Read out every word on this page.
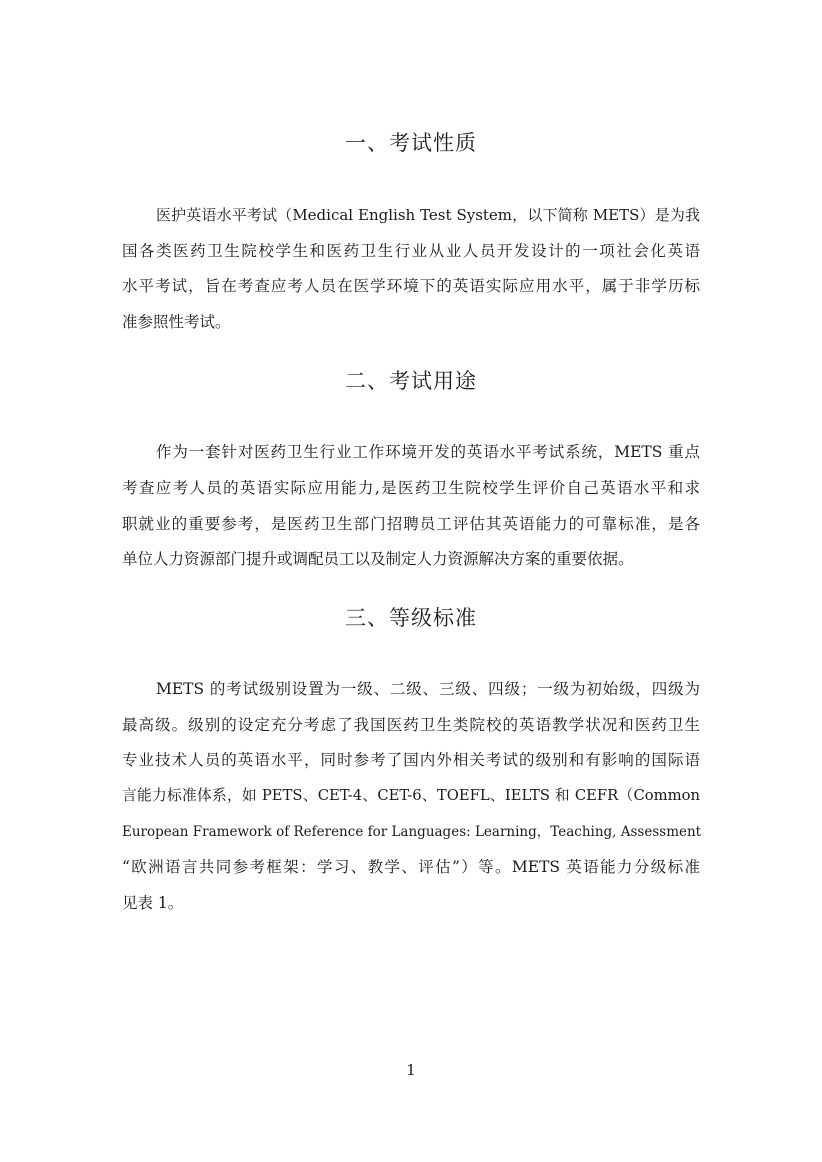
一、考试性质

医护英语水平考试（Medical English Test System，以下简称 METS）是为我

国各类医药卫生院校学生和医药卫生行业从业人员开发设计的一项社会化英语

水平考试，旨在考查应考人员在医学环境下的英语实际应用水平，属于非学历标

准参照性考试。

二、考试用途

作为一套针对医药卫生行业工作环境开发的英语水平考试系统，METS 重点

考查应考人员的英语实际应用能力,是医药卫生院校学生评价自己英语水平和求

职就业的重要参考，是医药卫生部门招聘员工评估其英语能力的可靠标准，是各

单位人力资源部门提升或调配员工以及制定人力资源解决方案的重要依据。

三、等级标准

METS 的考试级别设置为一级、二级、三级、四级；一级为初始级，四级为

最高级。级别的设定充分考虑了我国医药卫生类院校的英语教学状况和医药卫生

专业技术人员的英语水平，同时参考了国内外相关考试的级别和有影响的国际语

言能力标准体系，如 PETS、CET-4、CET-6、TOEFL、IELTS 和 CEFR（Common

European Framework of Reference for Languages: Learning，Teaching, Assessment

“欧洲语言共同参考框架：学习、教学、评估”）等。METS 英语能力分级标准

见表 1。

1
